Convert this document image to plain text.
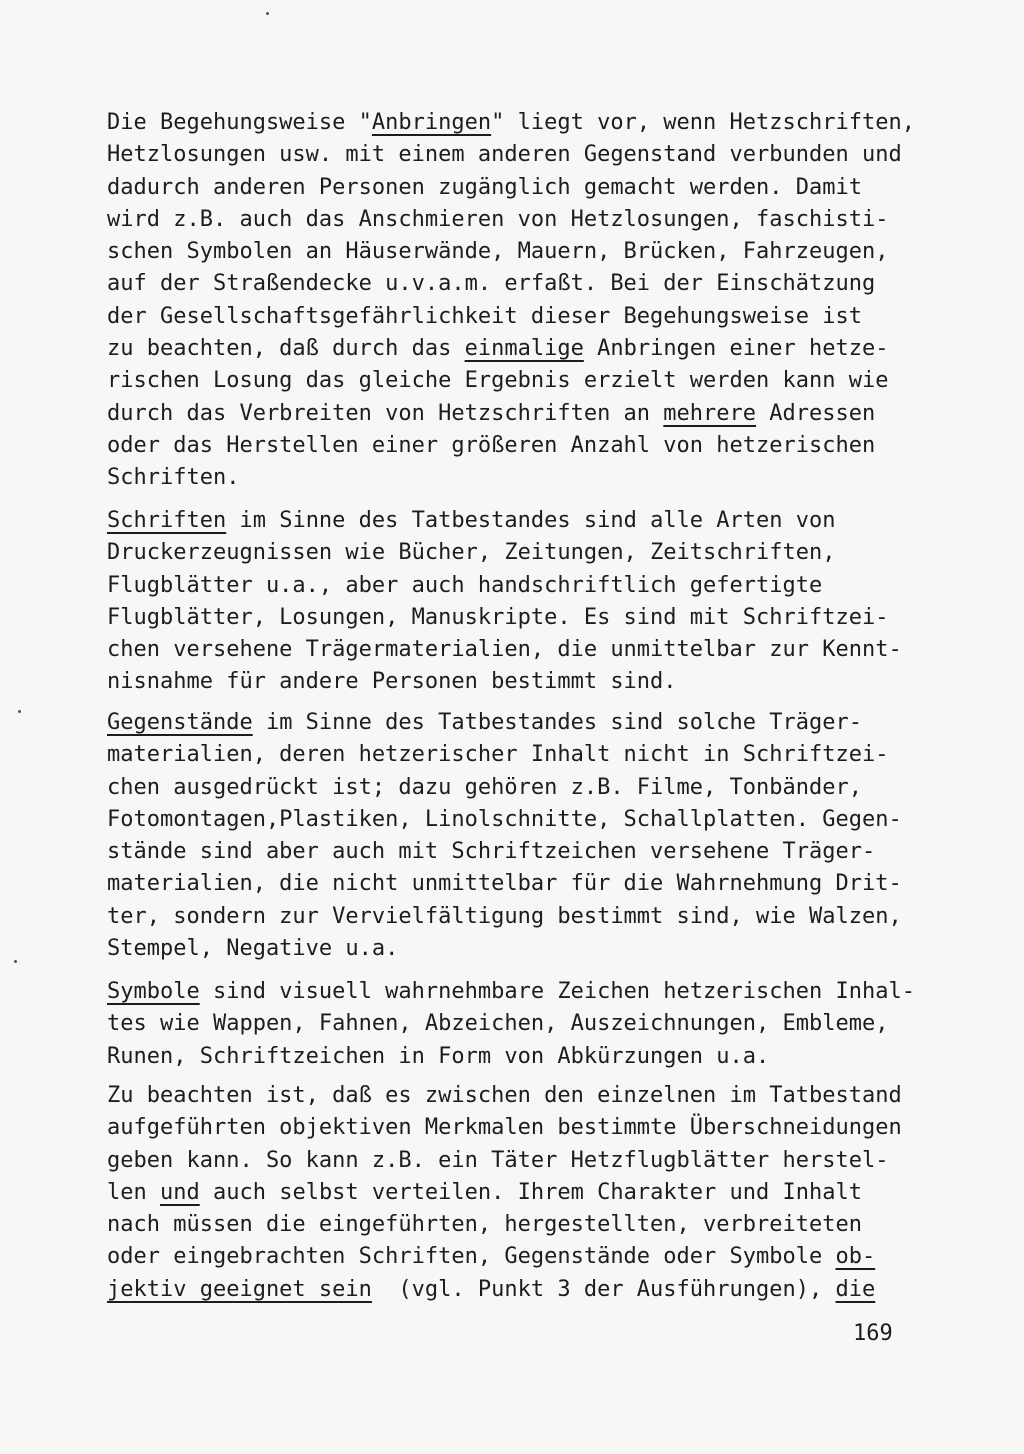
Die Begehungsweise "Anbringen" liegt vor, wenn Hetzschriften,
Hetzlosungen usw. mit einem anderen Gegenstand verbunden und
dadurch anderen Personen zugänglich gemacht werden. Damit
wird z.B. auch das Anschmieren von Hetzlosungen, faschisti-
schen Symbolen an Häuserwände, Mauern, Brücken, Fahrzeugen,
auf der Straßendecke u.v.a.m. erfaßt. Bei der Einschätzung
der Gesellschaftsgefährlichkeit dieser Begehungsweise ist
zu beachten, daß durch das einmalige Anbringen einer hetze-
rischen Losung das gleiche Ergebnis erzielt werden kann wie
durch das Verbreiten von Hetzschriften an mehrere Adressen
oder das Herstellen einer größeren Anzahl von hetzerischen
Schriften.
Schriften im Sinne des Tatbestandes sind alle Arten von
Druckerzeugnissen wie Bücher, Zeitungen, Zeitschriften,
Flugblätter u.a., aber auch handschriftlich gefertigte
Flugblätter, Losungen, Manuskripte. Es sind mit Schriftzei-
chen versehene Trägermaterialien, die unmittelbar zur Kennt-
nisnahme für andere Personen bestimmt sind.
Gegenstände im Sinne des Tatbestandes sind solche Träger-
materialien, deren hetzerischer Inhalt nicht in Schriftzei-
chen ausgedrückt ist; dazu gehören z.B. Filme, Tonbänder,
Fotomontagen,Plastiken, Linolschnitte, Schallplatten. Gegen-
stände sind aber auch mit Schriftzeichen versehene Träger-
materialien, die nicht unmittelbar für die Wahrnehmung Drit-
ter, sondern zur Vervielfältigung bestimmt sind, wie Walzen,
Stempel, Negative u.a.
Symbole sind visuell wahrnehmbare Zeichen hetzerischen Inhal-
tes wie Wappen, Fahnen, Abzeichen, Auszeichnungen, Embleme,
Runen, Schriftzeichen in Form von Abkürzungen u.a.
Zu beachten ist, daß es zwischen den einzelnen im Tatbestand
aufgeführten objektiven Merkmalen bestimmte Überschneidungen
geben kann. So kann z.B. ein Täter Hetzflugblätter herstel-
len und auch selbst verteilen. Ihrem Charakter und Inhalt
nach müssen die eingeführten, hergestellten, verbreiteten
oder eingebrachten Schriften, Gegenstände oder Symbole ob-
jektiv geeignet sein  (vgl. Punkt 3 der Ausführungen), die
169
